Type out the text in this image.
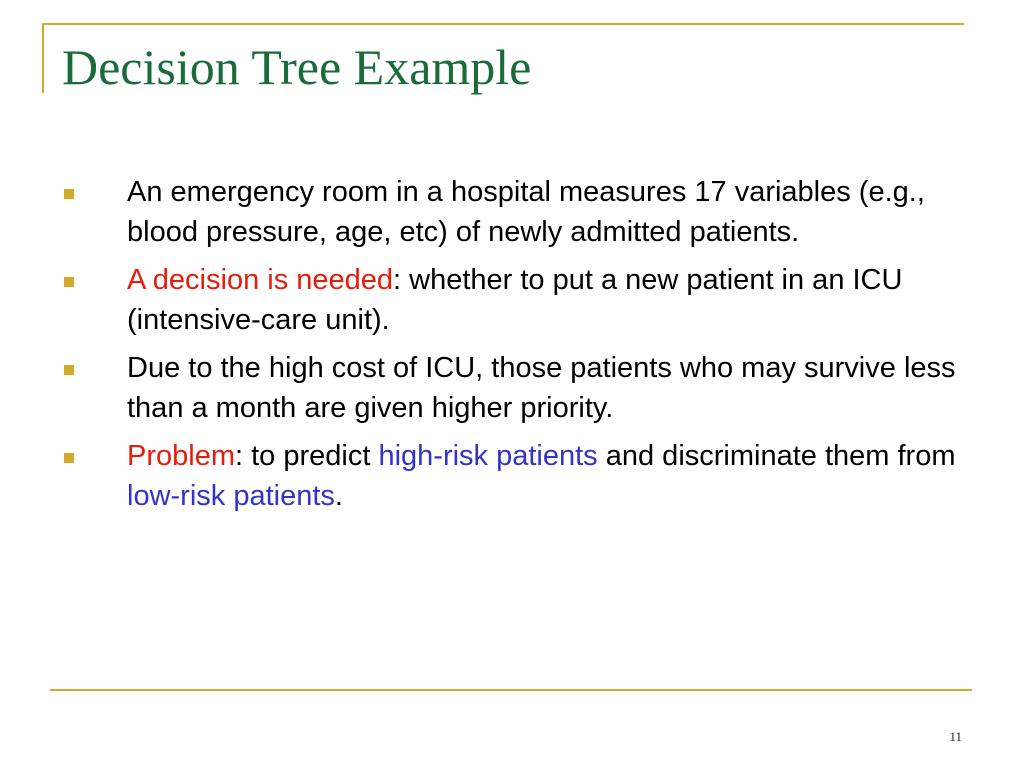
Decision Tree Example
An emergency room in a hospital measures 17 variables (e.g., blood pressure, age, etc) of newly admitted patients.
A decision is needed: whether to put a new patient in an ICU (intensive-care unit).
Due to the high cost of ICU, those patients who may survive less than a month are given higher priority.
Problem: to predict high-risk patients and discriminate them from low-risk patients.
11
